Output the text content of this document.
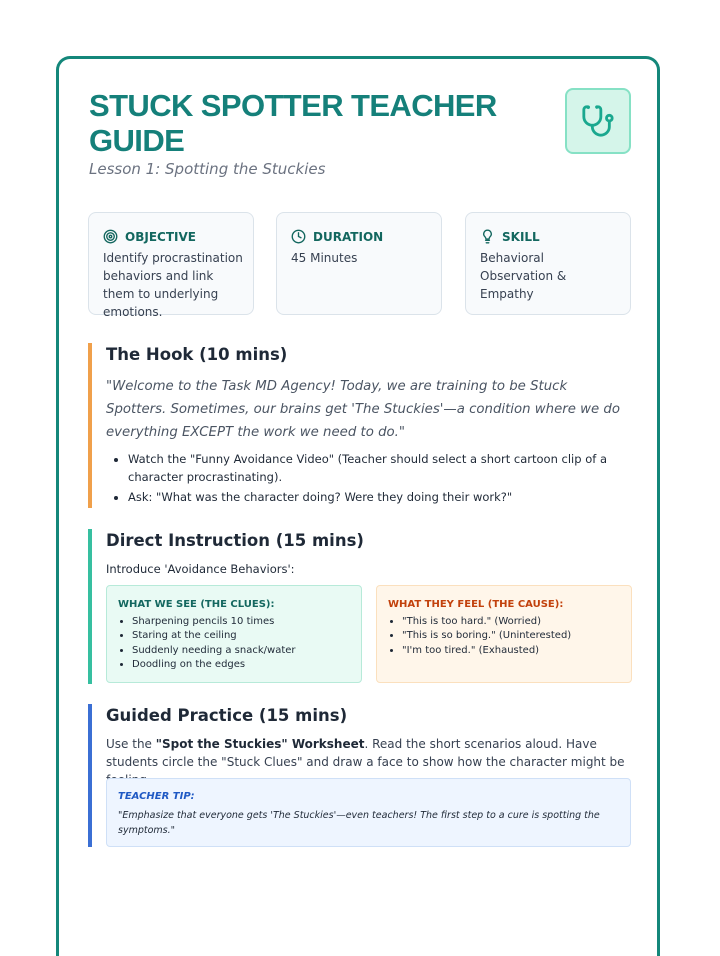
STUCK SPOTTER TEACHER GUIDE

Lesson 1: Spotting the Stuckies

OBJECTIVE
Identify procrastination behaviors and link them to underlying emotions.
DURATION
45 Minutes
SKILL
Behavioral Observation & Empathy
The Hook (10 mins)

"Welcome to the Task MD Agency! Today, we are training to be Stuck Spotters. Sometimes, our brains get 'The Stuckies'—a condition where we do everything EXCEPT the work we need to do."

• Watch the "Funny Avoidance Video" (Teacher should select a short cartoon clip of a character procrastinating).
• Ask: "What was the character doing? Were they doing their work?"
Direct Instruction (15 mins)

Introduce 'Avoidance Behaviors':

WHAT WE SEE (THE CLUES):
• Sharpening pencils 10 times
• Staring at the ceiling
• Suddenly needing a snack/water
• Doodling on the edges
WHAT THEY FEEL (THE CAUSE):
• "This is too hard." (Worried)
• "This is so boring." (Uninterested)
• "I'm too tired." (Exhausted)
Guided Practice (15 mins)

Use the "Spot the Stuckies" Worksheet. Read the short scenarios aloud. Have students circle the "Stuck Clues" and draw a face to show how the character might be

TEACHER TIP:
"Emphasize that everyone gets 'The Stuckies'—even teachers! The first step to a cure is spotting the symptoms."
